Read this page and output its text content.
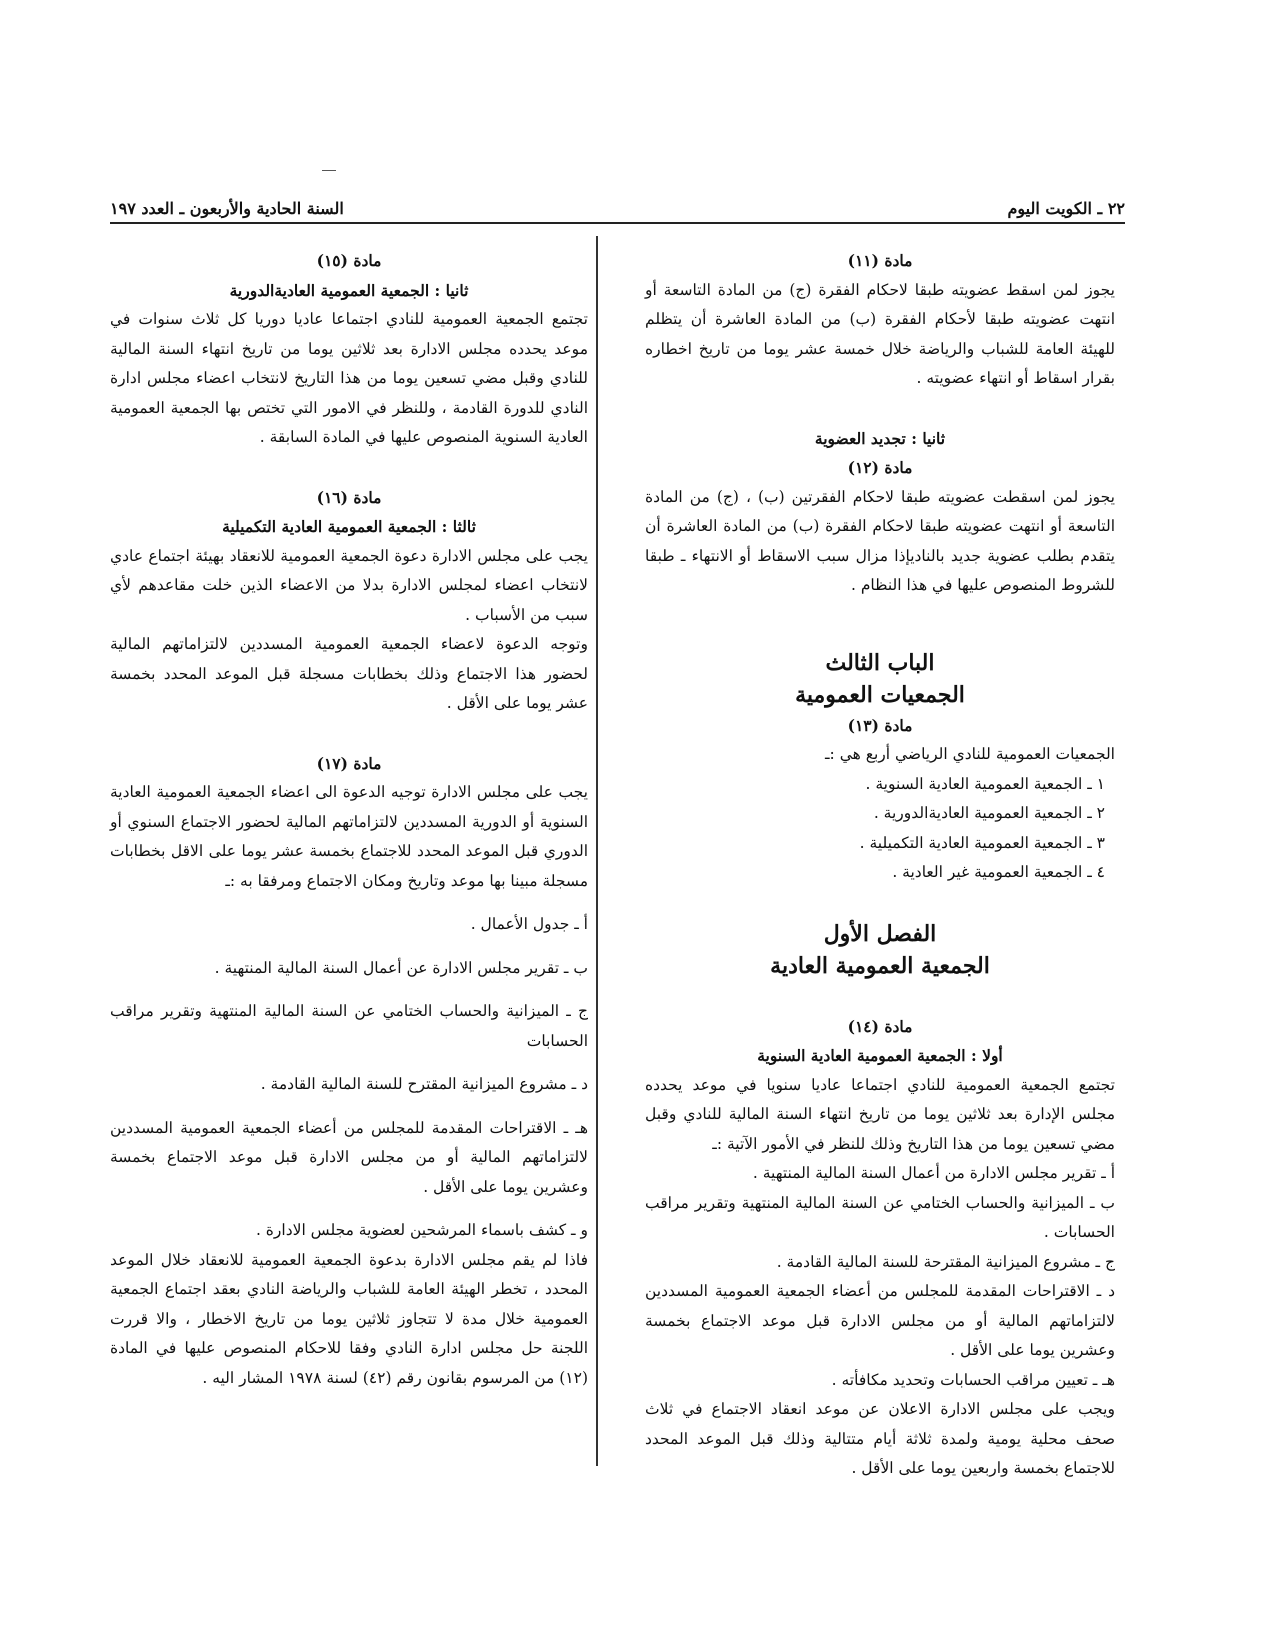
٢٢ ـ الكويت اليوم
السنة الحادية والأربعون ـ العدد ١٩٧

مادة (١١)

يجوز لمن اسقط عضويته طبقا لاحكام الفقرة (ج) من المادة التاسعة أو انتهت عضويته طبقا لأحكام الفقرة (ب) من المادة العاشرة أن يتظلم للهيئة العامة للشباب والرياضة خلال خمسة عشر يوما من تاريخ اخطاره بقرار اسقاط أو انتهاء عضويته .

ثانيا : تجديد العضوية

مادة (١٢)

يجوز لمن اسقطت عضويته طبقا لاحكام الفقرتين (ب) ، (ج) من المادة التاسعة أو انتهت عضويته طبقا لاحكام الفقرة (ب) من المادة العاشرة أن يتقدم بطلب عضوية جديد بالناديإذا مزال سبب الاسقاط أو الانتهاء ـ طبقا للشروط المنصوص عليها في هذا النظام .

الباب الثالث

الجمعيات العمومية

مادة (١٣)

الجمعيات العمومية للنادي الرياضي أربع هي :ـ

١ ـ الجمعية العمومية العادية السنوية .
٢ ـ الجمعية العمومية العاديةالدورية .
٣ ـ الجمعية العمومية العادية التكميلية .
٤ ـ الجمعية العمومية غير العادية .

الفصل الأول

الجمعية العمومية العادية

مادة (١٤)

أولا : الجمعية العمومية العادية السنوية

تجتمع الجمعية العمومية للنادي اجتماعا عاديا سنويا في موعد يحدده مجلس الإدارة بعد ثلاثين يوما من تاريخ انتهاء السنة المالية للنادي وقبل مضي تسعين يوما من هذا التاريخ وذلك للنظر في الأمور الآتية :ـ

أ ـ تقرير مجلس الادارة من أعمال السنة المالية المنتهية .

ب ـ الميزانية والحساب الختامي عن السنة المالية المنتهية وتقرير مراقب الحسابات .

ج ـ مشروع الميزانية المقترحة للسنة المالية القادمة .

د ـ الاقتراحات المقدمة للمجلس من أعضاء الجمعية العمومية المسددين لالتزاماتهم المالية أو من مجلس الادارة قبل موعد الاجتماع بخمسة وعشرين يوما على الأقل .

هـ ـ تعيين مراقب الحسابات وتحديد مكافأته .

ويجب على مجلس الادارة الاعلان عن موعد انعقاد الاجتماع في ثلاث صحف محلية يومية ولمدة ثلاثة أيام متتالية وذلك قبل الموعد المحدد للاجتماع بخمسة واربعين يوما على الأقل .

مادة (١٥)

ثانيا : الجمعية العمومية العاديةالدورية

تجتمع الجمعية العمومية للنادي اجتماعا عاديا دوريا كل ثلاث سنوات في موعد يحدده مجلس الادارة بعد ثلاثين يوما من تاريخ انتهاء السنة المالية للنادي وقبل مضي تسعين يوما من هذا التاريخ لانتخاب اعضاء مجلس ادارة النادي للدورة القادمة ، وللنظر في الامور التي تختص بها الجمعية العمومية العادية السنوية المنصوص عليها في المادة السابقة .

مادة (١٦)

ثالثا : الجمعية العمومية العادية التكميلية

يجب على مجلس الادارة دعوة الجمعية العمومية للانعقاد بهيئة اجتماع عادي لانتخاب اعضاء لمجلس الادارة بدلا من الاعضاء الذين خلت مقاعدهم لأي سبب من الأسباب .

وتوجه الدعوة لاعضاء الجمعية العمومية المسددين لالتزاماتهم المالية لحضور هذا الاجتماع وذلك بخطابات مسجلة قبل الموعد المحدد بخمسة عشر يوما على الأقل .

مادة (١٧)

يجب على مجلس الادارة توجيه الدعوة الى اعضاء الجمعية العمومية العادية السنوية أو الدورية المسددين لالتزاماتهم المالية لحضور الاجتماع السنوي أو الدوري قبل الموعد المحدد للاجتماع بخمسة عشر يوما على الاقل بخطابات مسجلة مبينا بها موعد وتاريخ ومكان الاجتماع ومرفقا به :ـ

أ ـ جدول الأعمال .

ب ـ تقرير مجلس الادارة عن أعمال السنة المالية المنتهية .

ج ـ الميزانية والحساب الختامي عن السنة المالية المنتهية وتقرير مراقب الحسابات

د ـ مشروع الميزانية المقترح للسنة المالية القادمة .

هـ ـ الاقتراحات المقدمة للمجلس من أعضاء الجمعية العمومية المسددين لالتزاماتهم المالية أو من مجلس الادارة قبل موعد الاجتماع بخمسة وعشرين يوما على الأقل .

و ـ كشف باسماء المرشحين لعضوية مجلس الادارة .

فاذا لم يقم مجلس الادارة بدعوة الجمعية العمومية للانعقاد خلال الموعد المحدد ، تخطر الهيئة العامة للشباب والرياضة النادي بعقد اجتماع الجمعية العمومية خلال مدة لا تتجاوز ثلاثين يوما من تاريخ الاخطار ، والا قررت اللجنة حل مجلس ادارة النادي وفقا للاحكام المنصوص عليها في المادة (١٢) من المرسوم بقانون رقم (٤٢) لسنة ١٩٧٨ المشار اليه .
